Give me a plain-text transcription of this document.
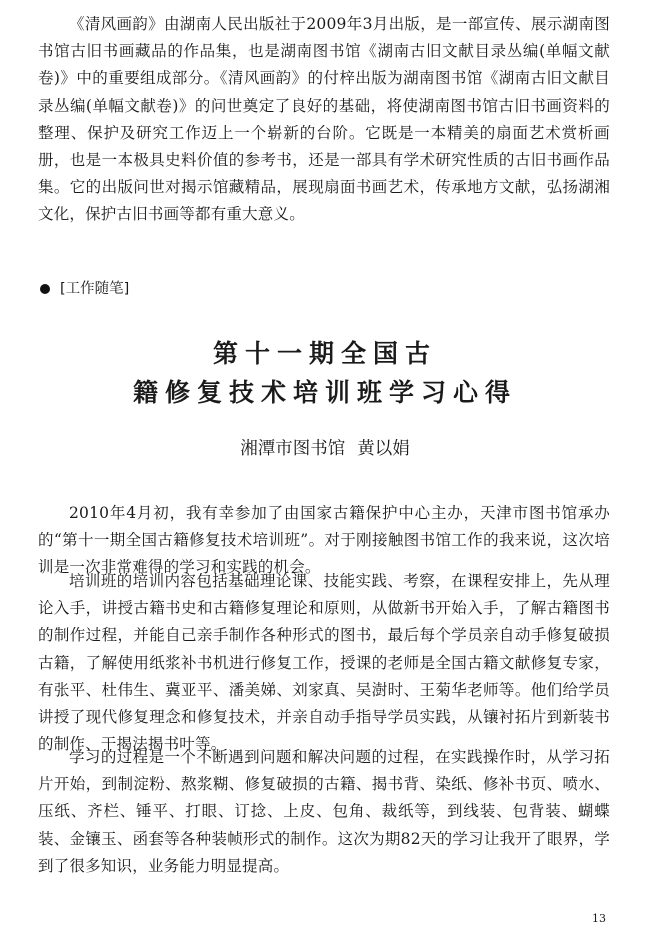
《清风画韵》由湖南人民出版社于2009年3月出版，是一部宣传、展示湖南图书馆古旧书画藏品的作品集，也是湖南图书馆《湖南古旧文献目录丛编(单幅文献卷)》中的重要组成部分。《清风画韵》的付梓出版为湖南图书馆《湖南古旧文献目录丛编(单幅文献卷)》的问世奠定了良好的基础，将使湖南图书馆古旧书画资料的整理、保护及研究工作迈上一个崭新的台阶。它既是一本精美的扇面艺术赏析画册，也是一本极具史料价值的参考书，还是一部具有学术研究性质的古旧书画作品集。它的出版问世对揭示馆藏精品，展现扇面书画艺术，传承地方文献，弘扬湖湘文化，保护古旧书画等都有重大意义。

[工作随笔]
第十一期全国古
籍修复技术培训班学习心得
湘潭市图书馆 黄以娟

2010年4月初，我有幸参加了由国家古籍保护中心主办，天津市图书馆承办的“第十一期全国古籍修复技术培训班”。对于刚接触图书馆工作的我来说，这次培训是一次非常难得的学习和实践的机会。

培训班的培训内容包括基础理论课、技能实践、考察，在课程安排上，先从理论入手，讲授古籍书史和古籍修复理论和原则，从做新书开始入手，了解古籍图书的制作过程，并能自己亲手制作各种形式的图书，最后每个学员亲自动手修复破损古籍，了解使用纸浆补书机进行修复工作，授课的老师是全国古籍文献修复专家，有张平、杜伟生、冀亚平、潘美娣、刘家真、吴澍时、王菊华老师等。他们给学员讲授了现代修复理念和修复技术，并亲自动手指导学员实践，从镶衬拓片到新装书的制作、干揭法揭书叶等。

学习的过程是一个不断遇到问题和解决问题的过程，在实践操作时，从学习拓片开始，到制淀粉、熬浆糊、修复破损的古籍、揭书背、染纸、修补书页、喷水、压纸、齐栏、锤平、打眼、订捻、上皮、包角、裁纸等，到线装、包背装、蝴蝶装、金镶玉、函套等各种装帧形式的制作。这次为期82天的学习让我开了眼界，学到了很多知识，业务能力明显提高。

13
